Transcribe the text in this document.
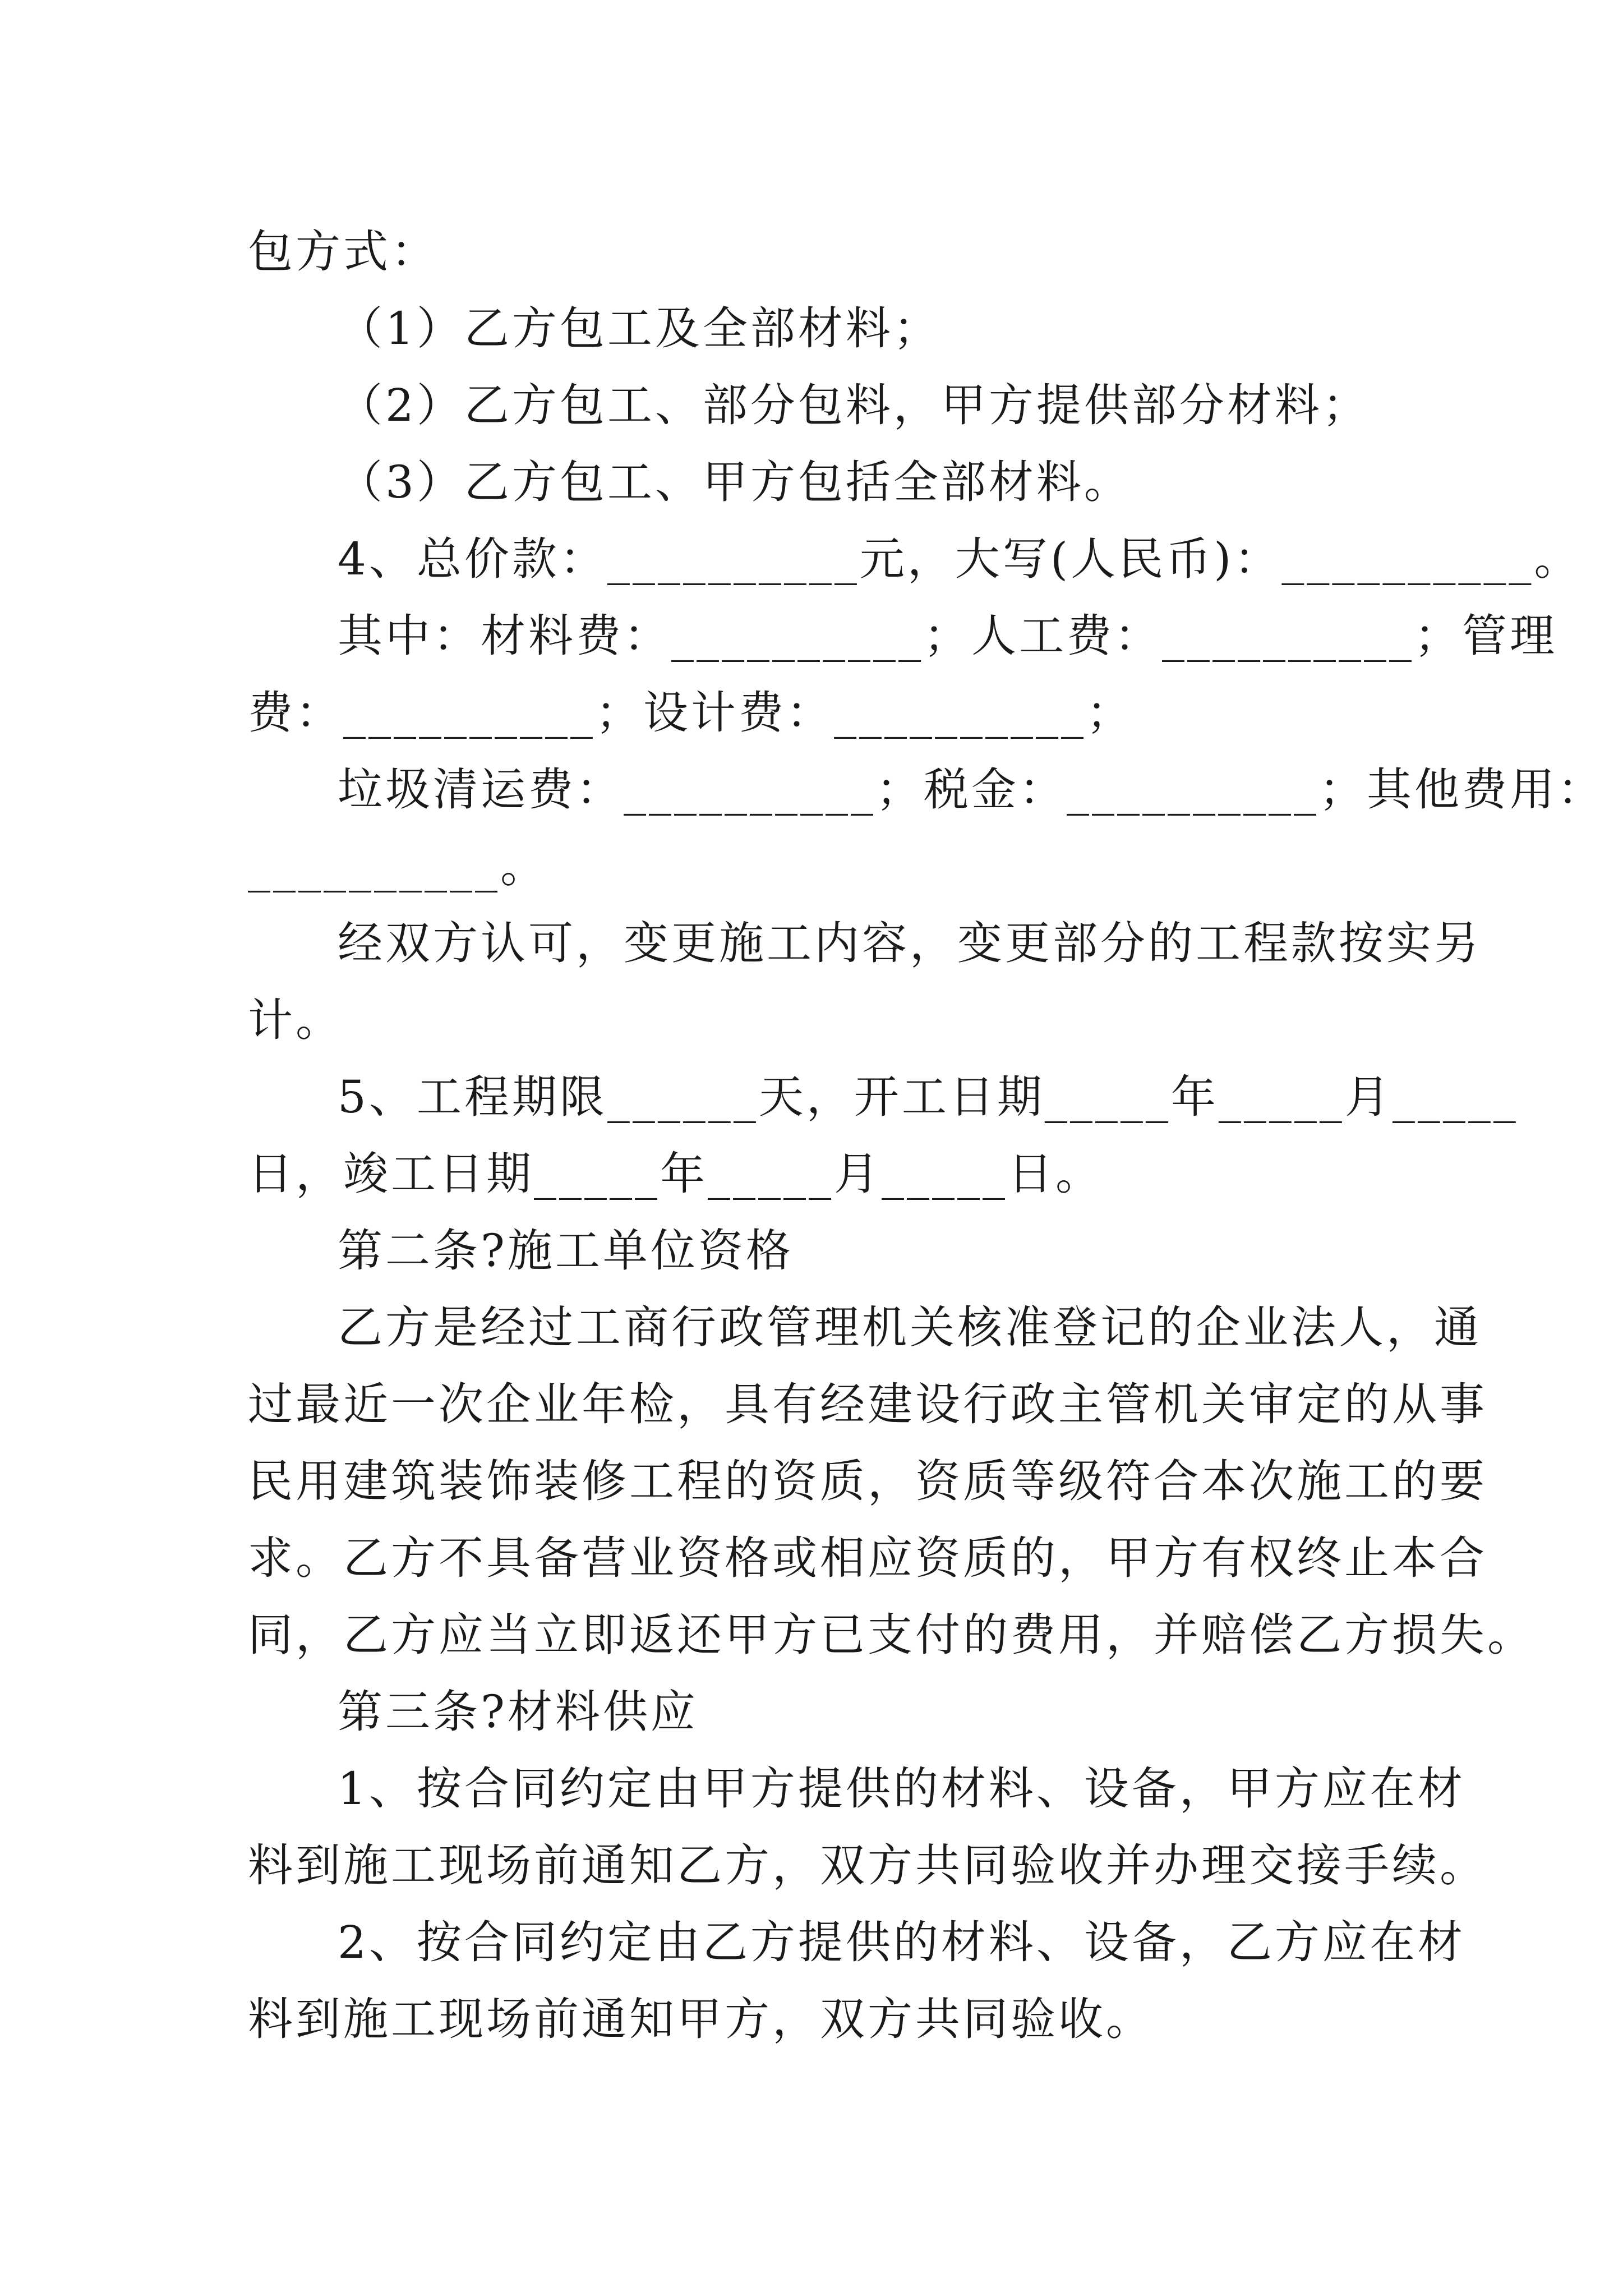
包方式：

（1）乙方包工及全部材料；

（2）乙方包工、部分包料，甲方提供部分材料；

（3）乙方包工、甲方包括全部材料。

4、总价款：__________元，大写(人民币)：__________。

其中：材料费：__________；人工费：__________；管理

费：__________；设计费：__________；

垃圾清运费：__________；税金：__________；其他费用：

__________。

经双方认可，变更施工内容，变更部分的工程款按实另

计。

5、工程期限______天，开工日期_____年_____月_____

日，竣工日期_____年_____月_____日。

第二条?施工单位资格

乙方是经过工商行政管理机关核准登记的企业法人，通

过最近一次企业年检，具有经建设行政主管机关审定的从事

民用建筑装饰装修工程的资质，资质等级符合本次施工的要

求。乙方不具备营业资格或相应资质的，甲方有权终止本合

同，乙方应当立即返还甲方已支付的费用，并赔偿乙方损失。

第三条?材料供应

1、按合同约定由甲方提供的材料、设备，甲方应在材

料到施工现场前通知乙方，双方共同验收并办理交接手续。

2、按合同约定由乙方提供的材料、设备，乙方应在材

料到施工现场前通知甲方，双方共同验收。
